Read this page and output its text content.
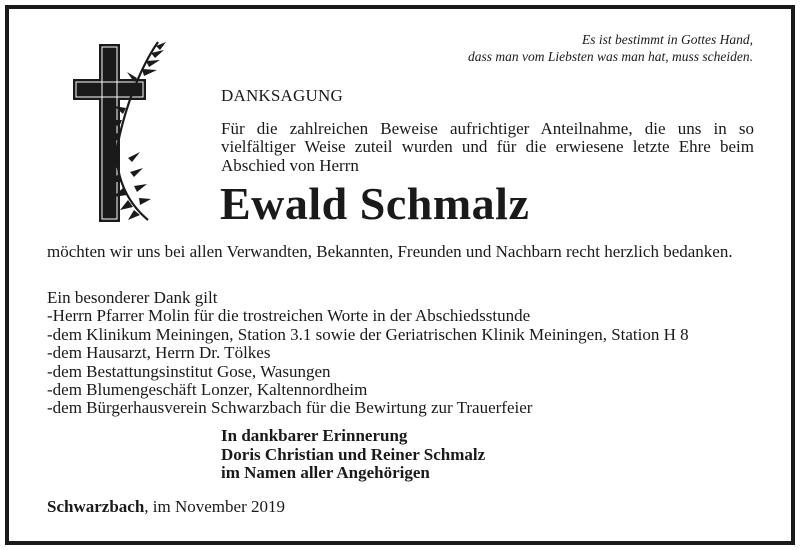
Es ist bestimmt in Gottes Hand,
dass man vom Liebsten was man hat, muss scheiden.
DANKSAGUNG
Für die zahlreichen Beweise aufrichtiger Anteilnahme, die uns in so vielfältiger Weise zuteil wurden und für die erwiesene letzte Ehre beim Abschied von Herrn
Ewald Schmalz
möchten wir uns bei allen Verwandten, Bekannten, Freunden und Nachbarn recht herzlich bedanken.
Ein besonderer Dank gilt
-Herrn Pfarrer Molin für die trostreichen Worte in der Abschiedsstunde
-dem Klinikum Meiningen, Station 3.1 sowie der Geriatrischen Klinik Meiningen, Station H 8
-dem Hausarzt, Herrn Dr. Tölkes
-dem Bestattungsinstitut Gose, Wasungen
-dem Blumengeschäft Lonzer, Kaltennordheim
-dem Bürgerhausverein Schwarzbach für die Bewirtung zur Trauerfeier
In dankbarer Erinnerung
Doris Christian und Reiner Schmalz
im Namen aller Angehörigen
Schwarzbach, im November 2019
